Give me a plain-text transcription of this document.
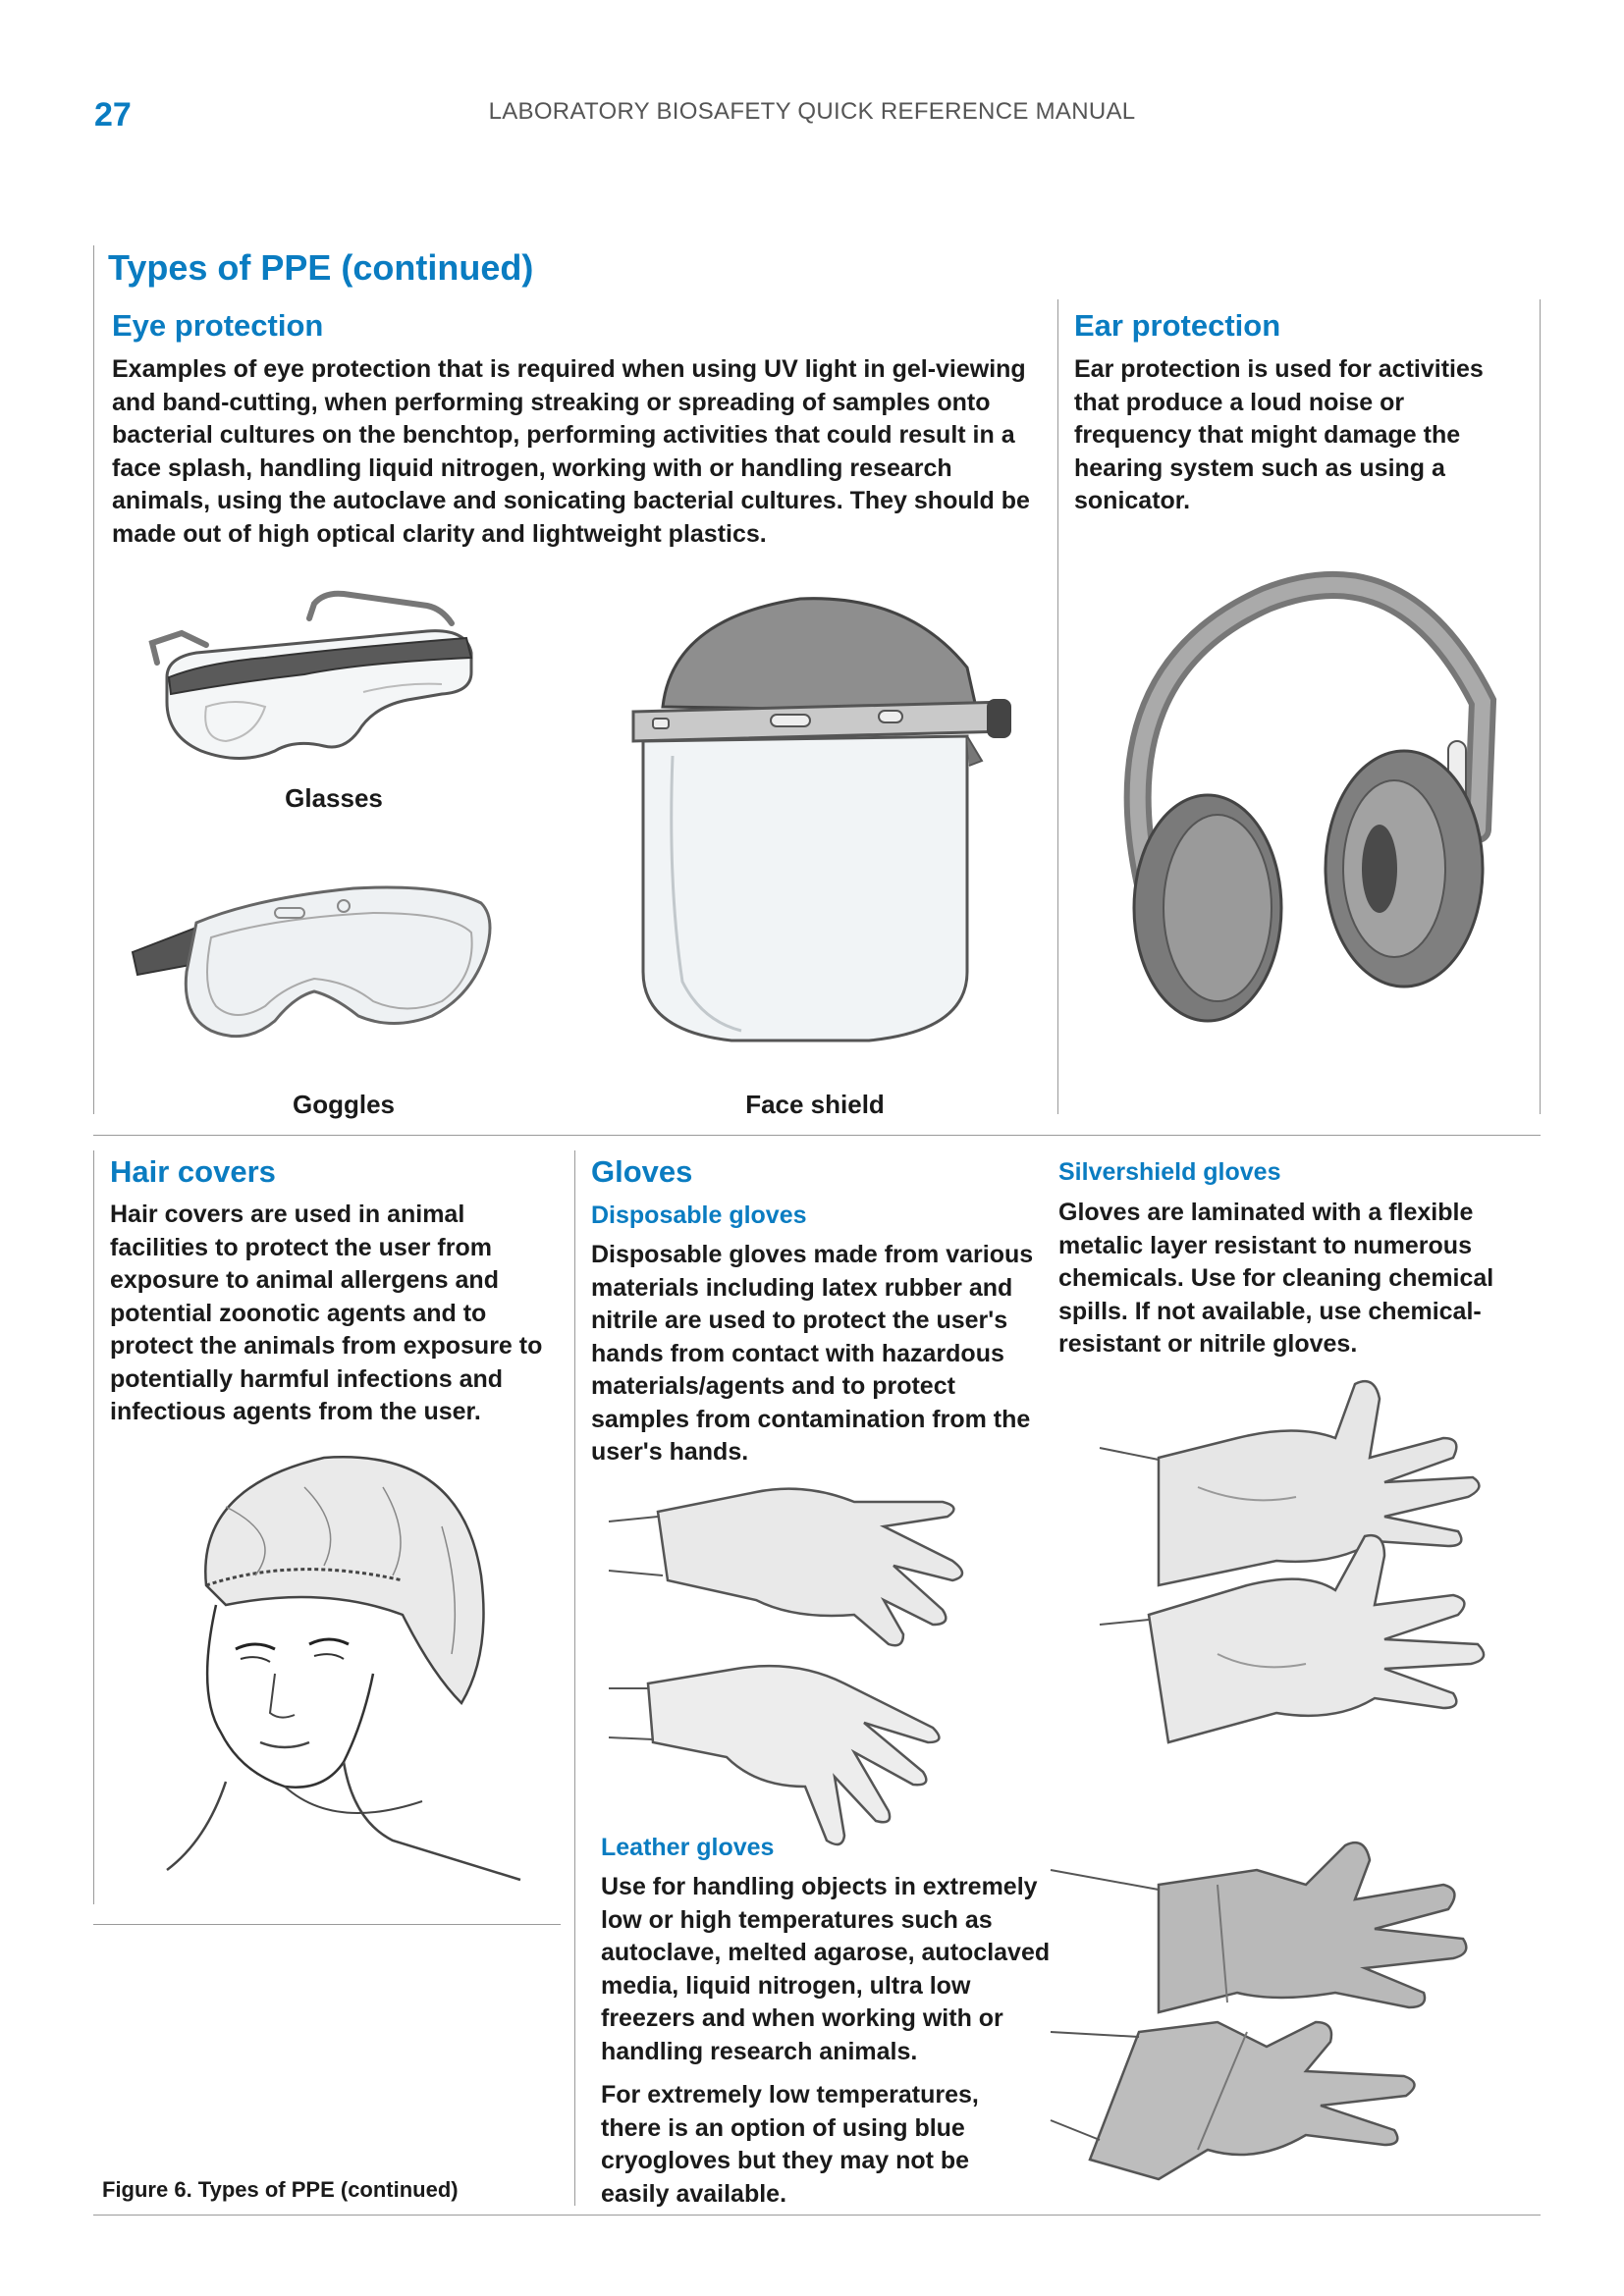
27	LABORATORY BIOSAFETY QUICK REFERENCE MANUAL
Types of PPE (continued)
Eye protection
Examples of eye protection that is required when using UV light in gel-viewing and band-cutting, when performing streaking or spreading of samples onto bacterial cultures on the benchtop, performing activities that could result in a face splash, handling liquid nitrogen, working with or handling research animals, using the autoclave and sonicating bacterial cultures. They should be made out of high optical clarity and lightweight plastics.
Ear protection
Ear protection is used for activities that produce a loud noise or frequency that might damage the hearing system such as using a sonicator.
Glasses
Goggles	Face shield
Hair covers
Hair covers are used in animal facilities to protect the user from exposure to animal allergens and potential zoonotic agents and to protect the animals from exposure to potentially harmful infections and infectious agents from the user.
Figure 6. Types of PPE (continued)
Gloves
Disposable gloves
Disposable gloves made from various materials including latex rubber and nitrile are used to protect the user's hands from contact with hazardous materials/agents and to protect samples from contamination from the user's hands.
Silvershield gloves
Gloves are laminated with a flexible metalic layer resistant to numerous chemicals. Use for cleaning chemical spills. If not available, use chemical-resistant or nitrile gloves.
Leather gloves
Use for handling objects in extremely low or high temperatures such as autoclave, melted agarose, autoclaved media, liquid nitrogen, ultra low freezers and when working with or handling research animals.
For extremely low temperatures, there is an option of using blue cryogloves but they may not be easily available.
